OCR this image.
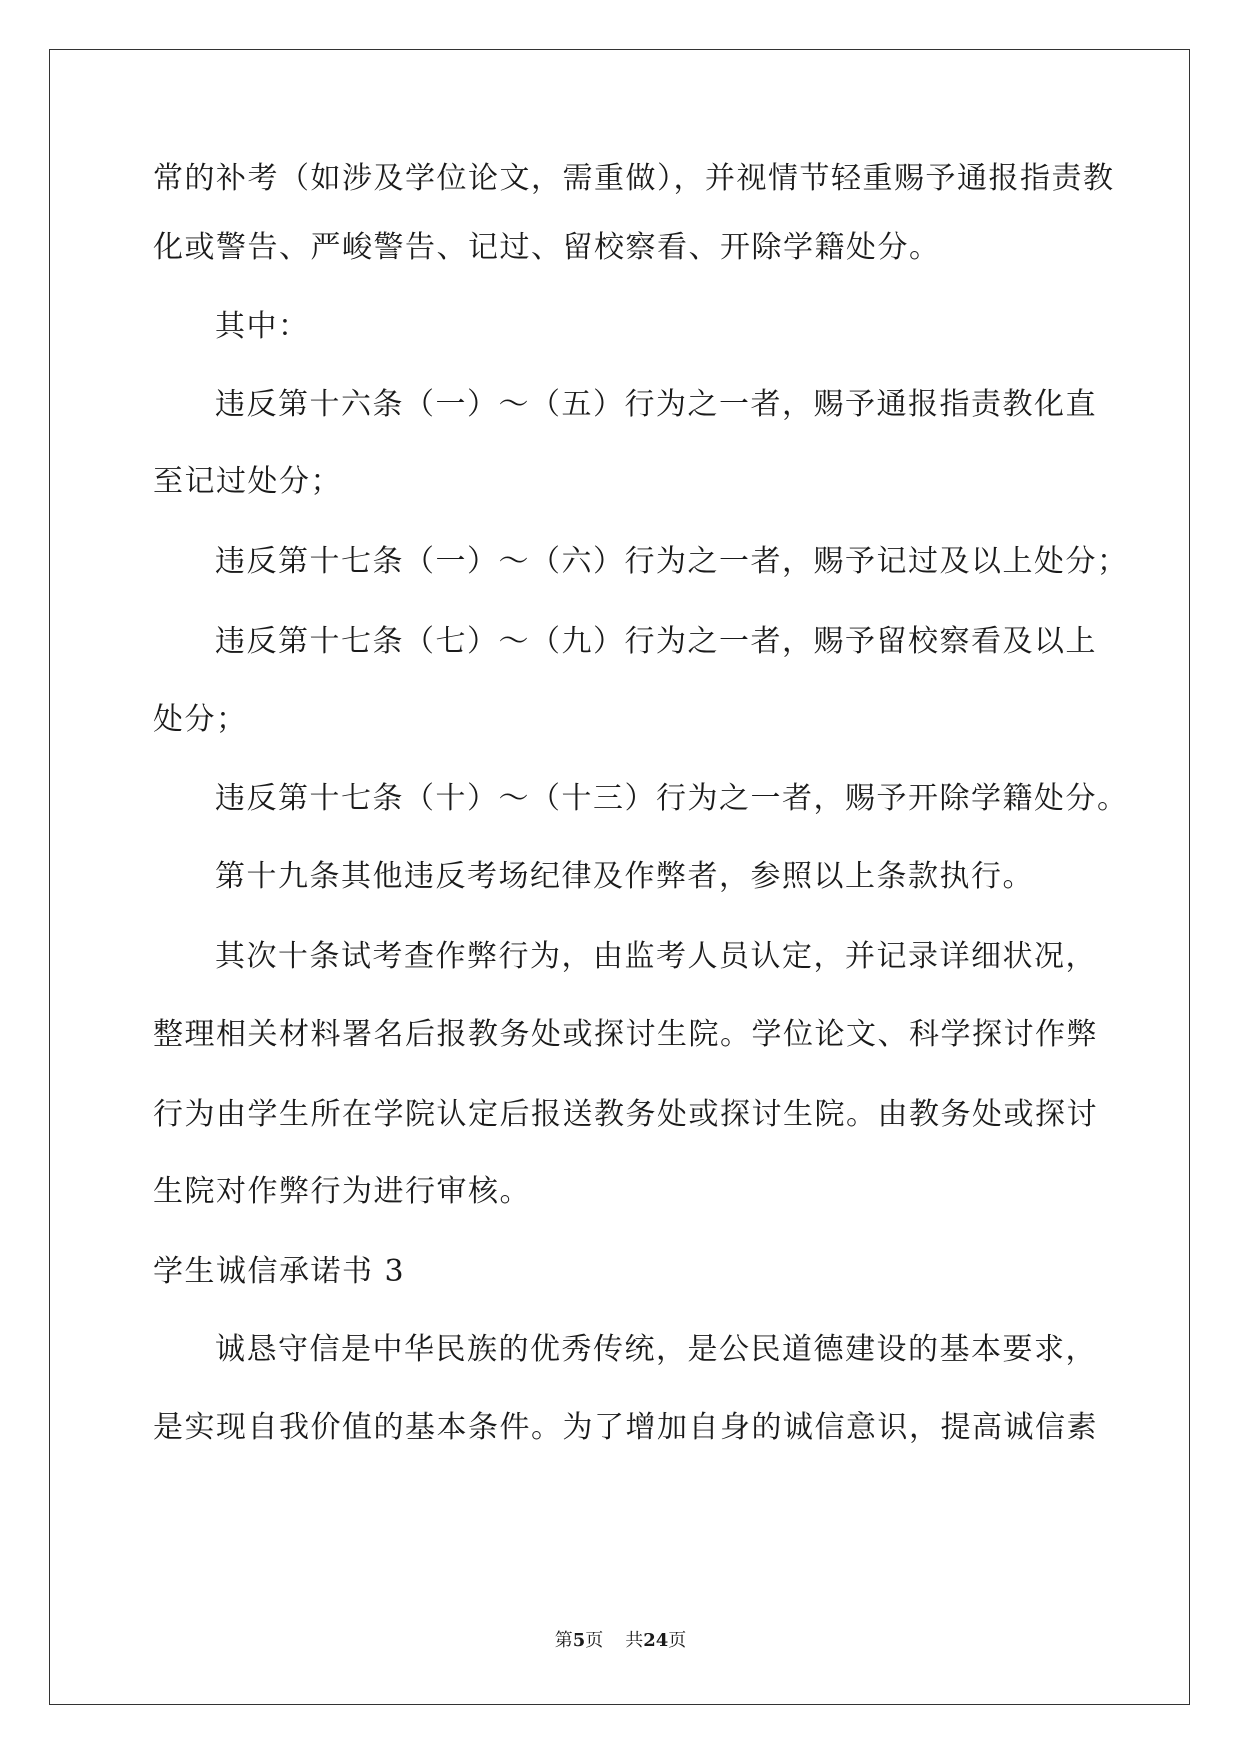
常的补考（如涉及学位论文，需重做），并视情节轻重赐予通报指责教
化或警告、严峻警告、记过、留校察看、开除学籍处分。
其中：
违反第十六条（一）～（五）行为之一者，赐予通报指责教化直
至记过处分；
违反第十七条（一）～（六）行为之一者，赐予记过及以上处分；
违反第十七条（七）～（九）行为之一者，赐予留校察看及以上
处分；
违反第十七条（十）～（十三）行为之一者，赐予开除学籍处分。
第十九条其他违反考场纪律及作弊者，参照以上条款执行。
其次十条试考查作弊行为，由监考人员认定，并记录详细状况，
整理相关材料署名后报教务处或探讨生院。学位论文、科学探讨作弊
行为由学生所在学院认定后报送教务处或探讨生院。由教务处或探讨
生院对作弊行为进行审核。
学生诚信承诺书 3
诚恳守信是中华民族的优秀传统，是公民道德建设的基本要求，
是实现自我价值的基本条件。为了增加自身的诚信意识，提高诚信素
第5页 共24页
